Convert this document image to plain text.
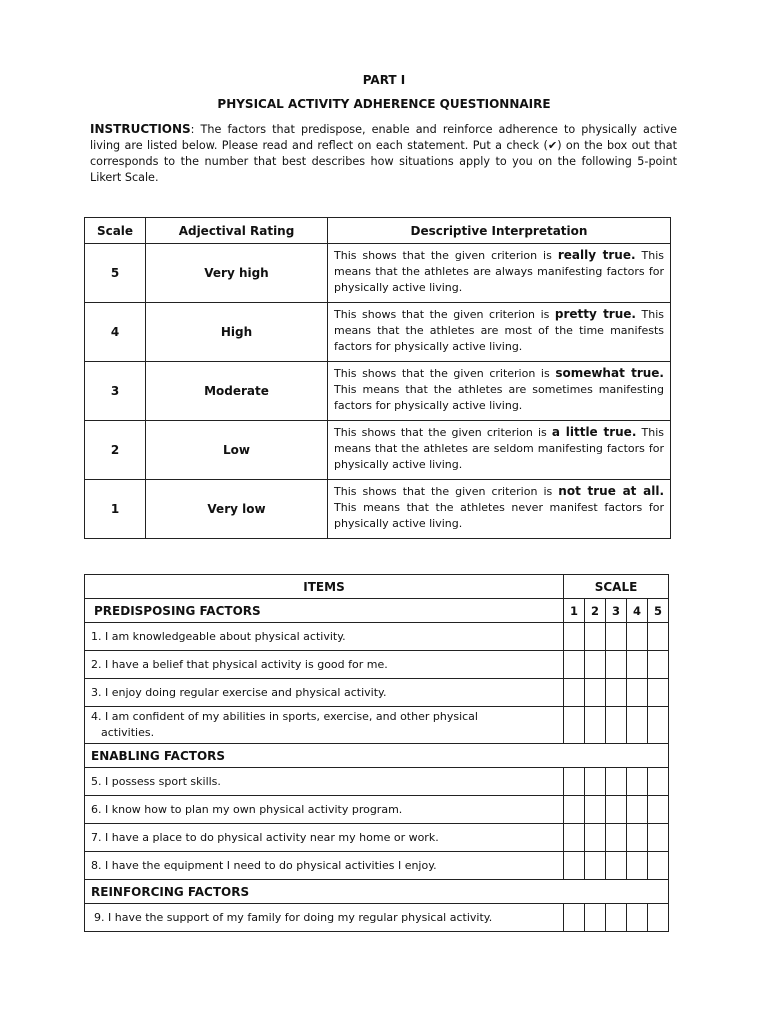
PART I
PHYSICAL ACTIVITY ADHERENCE QUESTIONNAIRE
INSTRUCTIONS: The factors that predispose, enable and reinforce adherence to physically active living are listed below. Please read and reflect on each statement. Put a check (✔) on the box out that corresponds to the number that best describes how situations apply to you on the following 5-point Likert Scale.
Scale	Adjectival Rating	Descriptive Interpretation
5	Very high	This shows that the given criterion is really true. This means that the athletes are always manifesting factors for physically active living.
4	High	This shows that the given criterion is pretty true. This means that the athletes are most of the time manifests factors for physically active living.
3	Moderate	This shows that the given criterion is somewhat true. This means that the athletes are sometimes manifesting factors for physically active living.
2	Low	This shows that the given criterion is a little true. This means that the athletes are seldom manifesting factors for physically active living.
1	Very low	This shows that the given criterion is not true at all. This means that the athletes never manifest factors for physically active living.
ITEMS	SCALE				
PREDISPOSING FACTORS	1	2	3	4	5
1. I am knowledgeable about physical activity.					
2. I have a belief that physical activity is good for me.					
3. I enjoy doing regular exercise and physical activity.					

4. I am confident of my abilities in sports, exercise, and other physical
activities.					

ENABLING FACTORS					
5. I possess sport skills.					
6. I know how to plan my own physical activity program.					
7. I have a place to do physical activity near my home or work.					
8. I have the equipment I need to do physical activities I enjoy.					
REINFORCING FACTORS					
9. I have the support of my family for doing my regular physical activity.					
